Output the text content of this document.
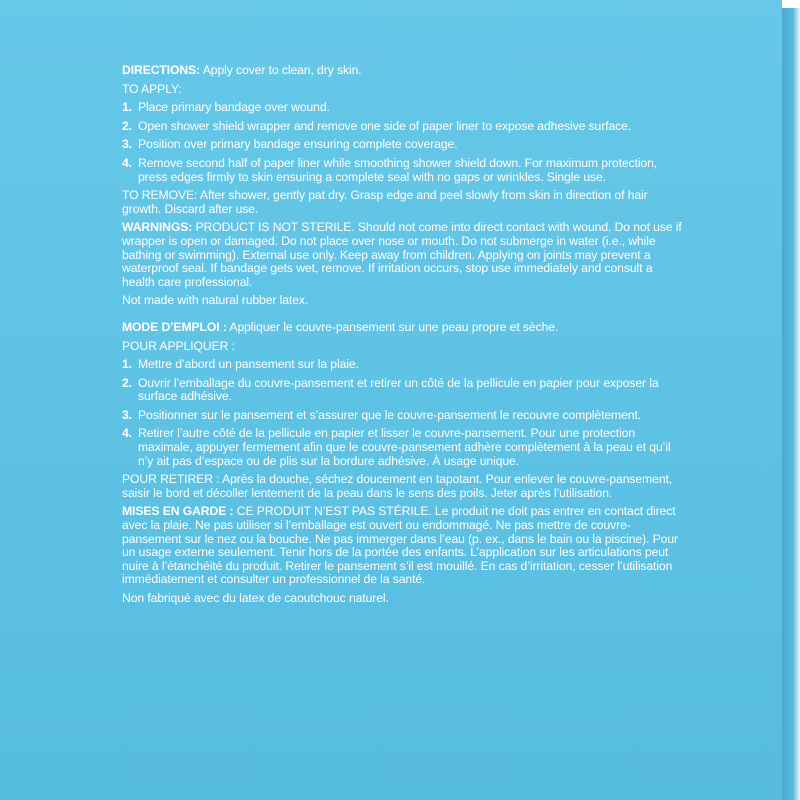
DIRECTIONS: Apply cover to clean, dry skin.

TO APPLY:

1. Place primary bandage over wound.
2. Open shower shield wrapper and remove one side of paper liner to expose adhesive surface.
3. Position over primary bandage ensuring complete coverage.
4. Remove second half of paper liner while smoothing shower shield down. For maximum protection, press edges firmly to skin ensuring a complete seal with no gaps or wrinkles. Single use.

TO REMOVE: After shower, gently pat dry. Grasp edge and peel slowly from skin in direction of hair growth. Discard after use.

WARNINGS: PRODUCT IS NOT STERILE. Should not come into direct contact with wound. Do not use if wrapper is open or damaged. Do not place over nose or mouth. Do not submerge in water (i.e., while bathing or swimming). External use only. Keep away from children. Applying on joints may prevent a waterproof seal. If bandage gets wet, remove. If irritation occurs, stop use immediately and consult a health care professional.

Not made with natural rubber latex.

MODE D’EMPLOI : Appliquer le couvre-pansement sur une peau propre et sèche.

POUR APPLIQUER :

1. Mettre d’abord un pansement sur la plaie.
2. Ouvrir l’emballage du couvre-pansement et retirer un côté de la pellicule en papier pour exposer la surface adhésive.
3. Positionner sur le pansement et s’assurer que le couvre-pansement le recouvre complètement.
4. Retirer l’autre côté de la pellicule en papier et lisser le couvre-pansement. Pour une protection maximale, appuyer fermement afin que le couvre-pansement adhère complètement à la peau et qu’il n’y ait pas d’espace ou de plis sur la bordure adhésive. À usage unique.

POUR RETIRER : Après la douche, séchez doucement en tapotant. Pour enlever le couvre-pansement, saisir le bord et décoller lentement de la peau dans le sens des poils. Jeter après l’utilisation.

MISES EN GARDE : CE PRODUIT N’EST PAS STÉRILE. Le produit ne doit pas entrer en contact direct avec la plaie. Ne pas utiliser si l’emballage est ouvert ou endommagé. Ne pas mettre de couvre-pansement sur le nez ou la bouche. Ne pas immerger dans l’eau (p. ex., dans le bain ou la piscine). Pour un usage externe seulement. Tenir hors de la portée des enfants. L’application sur les articulations peut nuire à l’étanchéité du produit. Retirer le pansement s’il est mouillé. En cas d’irritation, cesser l’utilisation immédiatement et consulter un professionnel de la santé.

Non fabriqué avec du latex de caoutchouc naturel.
